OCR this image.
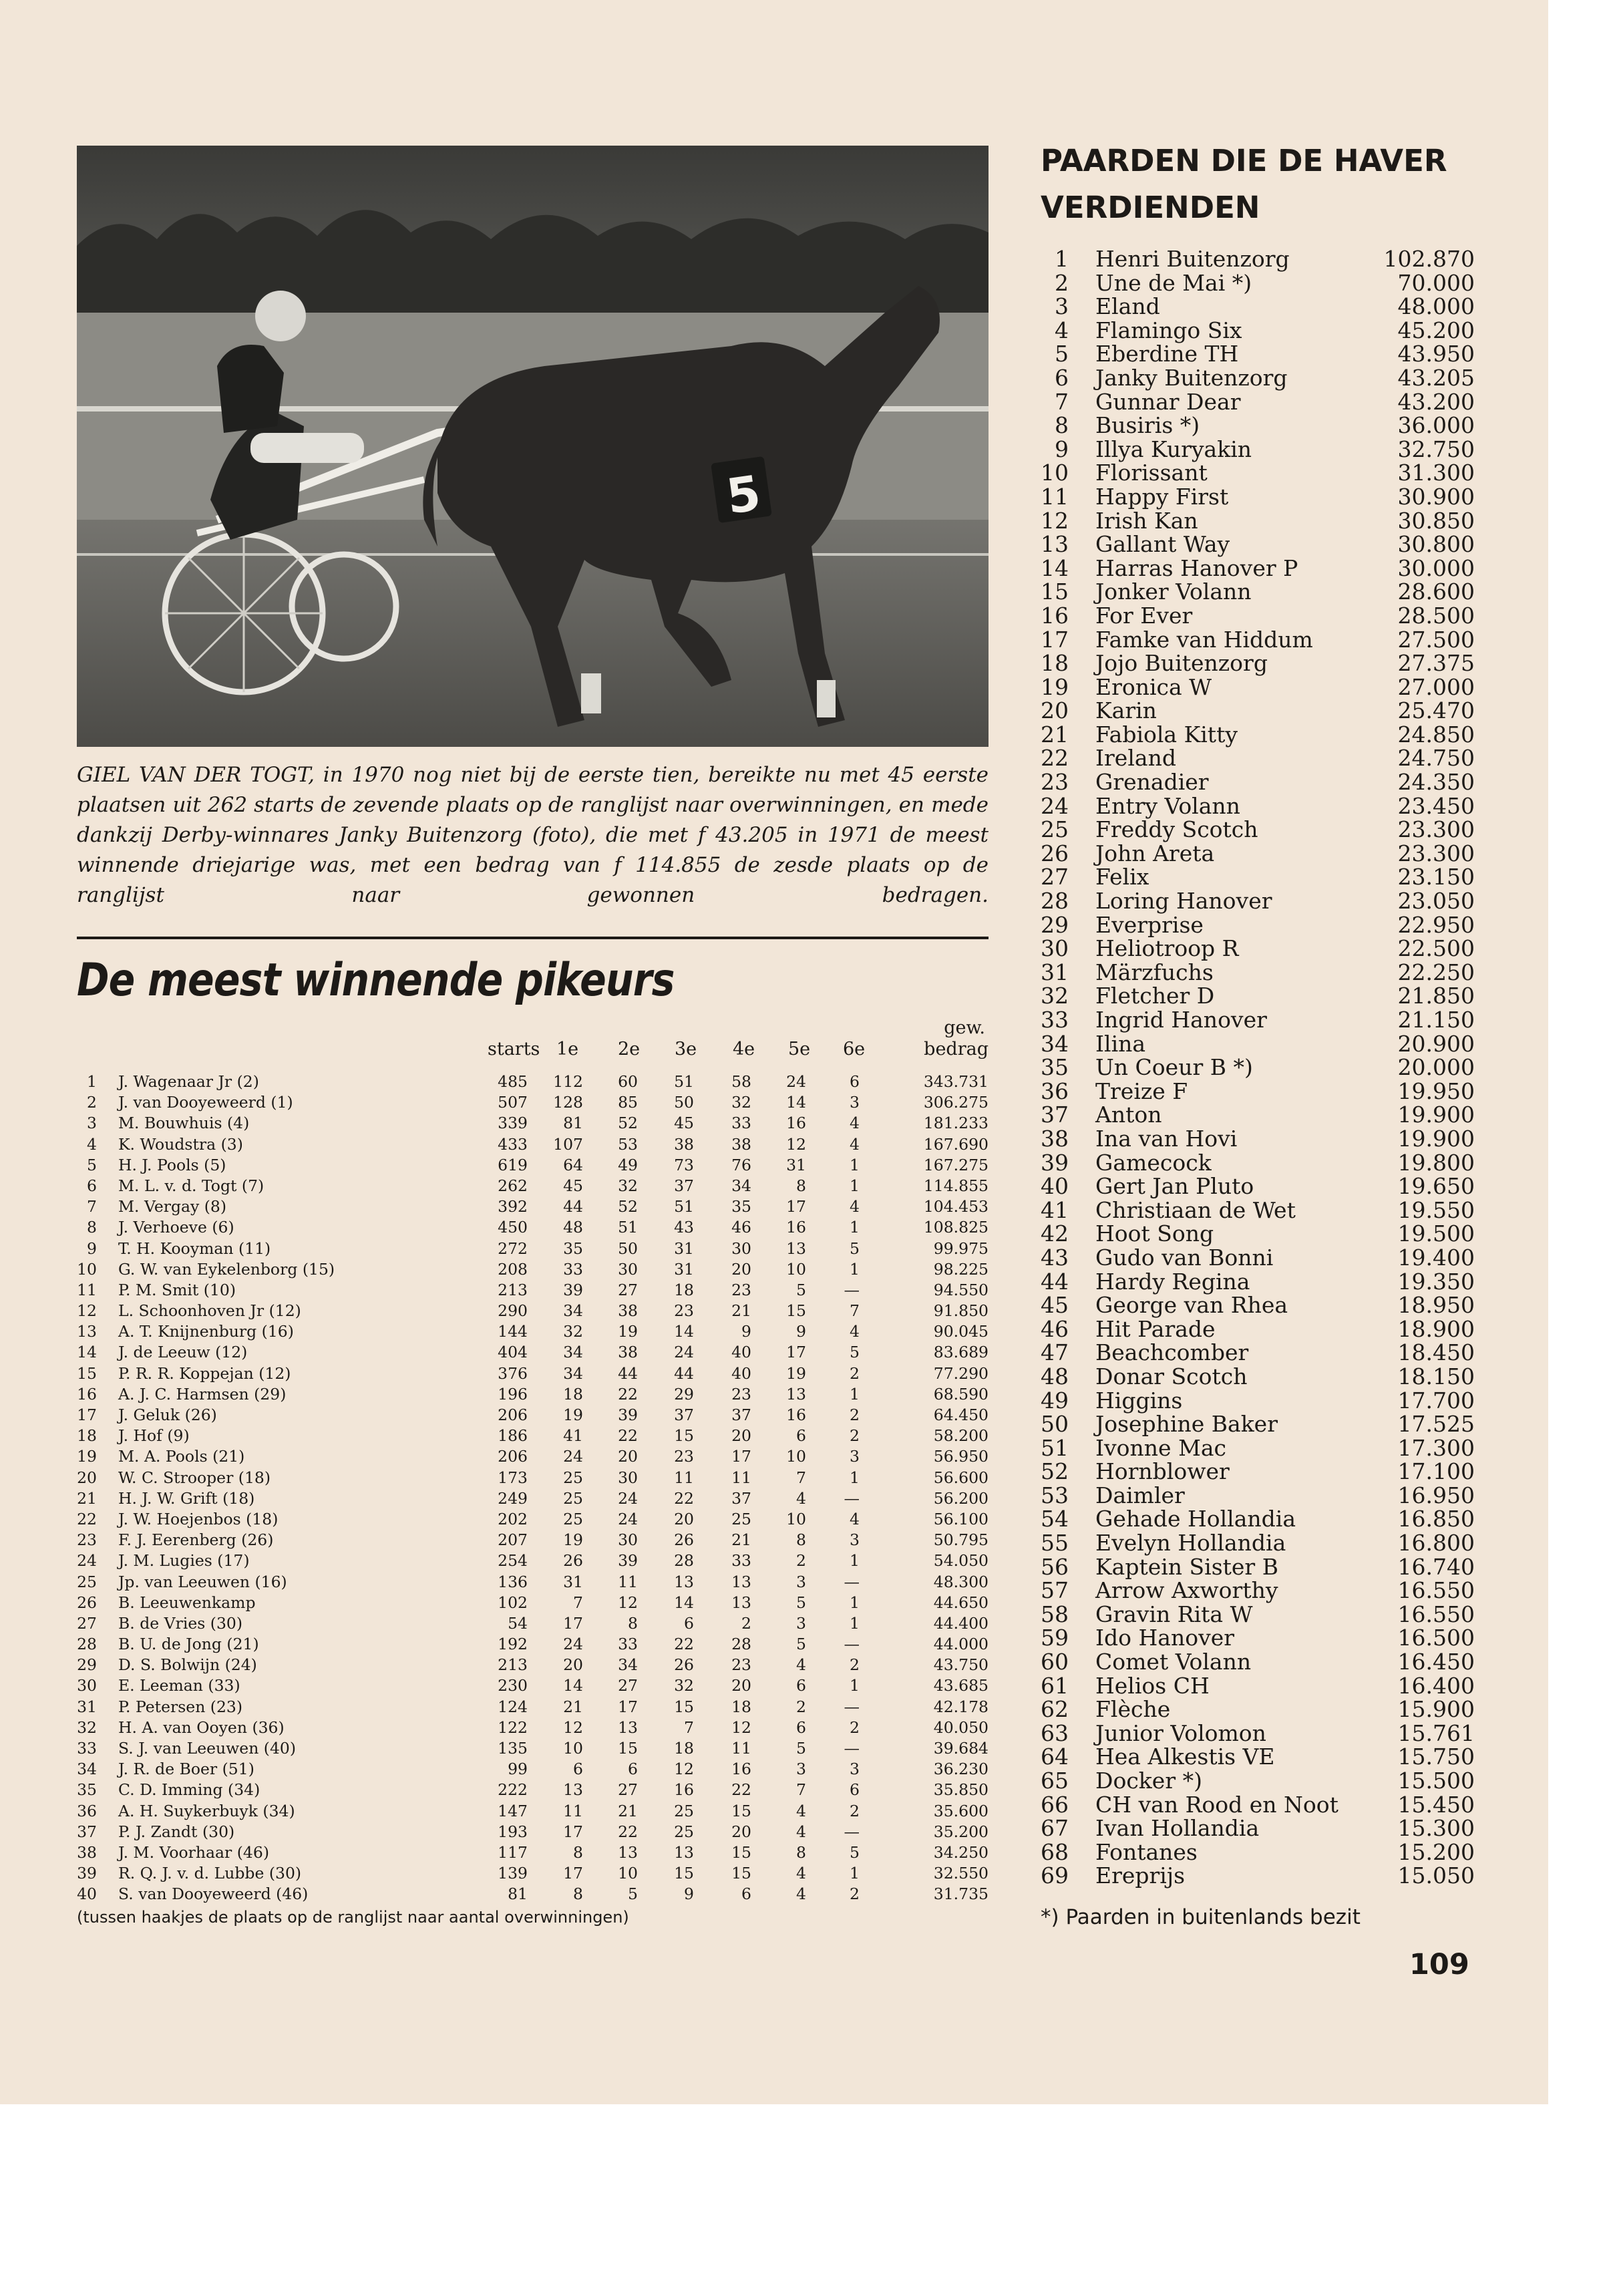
5
GIEL VAN DER TOGT, in 1970 nog niet bij de eerste tien, bereikte nu met 45 eerste plaatsen uit 262 starts de zevende plaats op de ranglijst naar overwinningen, en mede dankzij Derby-winnares Janky Buitenzorg (foto), die met f 43.205 in 1971 de meest winnende driejarige was, met een bedrag van f 114.855 de zesde plaats op de ranglijst naar gewonnen bedragen.
De meest winnende pikeurs
starts 1e 2e 3e 4e 5e 6e
gew.
bedrag
1 J. Wagenaar Jr (2)	485	112	60	51	58	24	6	343.731
2 J. van Dooyeweerd (1)	507	128	85	50	32	14	3	306.275
3 M. Bouwhuis (4)	339	81	52	45	33	16	4	181.233
4 K. Woudstra (3)	433	107	53	38	38	12	4	167.690
5 H. J. Pools (5)	619	64	49	73	76	31	1	167.275
6 M. L. v. d. Togt (7)	262	45	32	37	34	8	1	114.855
7 M. Vergay (8)	392	44	52	51	35	17	4	104.453
8 J. Verhoeve (6)	450	48	51	43	46	16	1	108.825
9 T. H. Kooyman (11)	272	35	50	31	30	13	5	99.975
10 G. W. van Eykelenborg (15)	208	33	30	31	20	10	1	98.225
11 P. M. Smit (10)	213	39	27	18	23	5	—	94.550
12 L. Schoonhoven Jr (12)	290	34	38	23	21	15	7	91.850
13 A. T. Knijnenburg (16)	144	32	19	14	9	9	4	90.045
14 J. de Leeuw (12)	404	34	38	24	40	17	5	83.689
15 P. R. R. Koppejan (12)	376	34	44	44	40	19	2	77.290
16 A. J. C. Harmsen (29)	196	18	22	29	23	13	1	68.590
17 J. Geluk (26)	206	19	39	37	37	16	2	64.450
18 J. Hof (9)	186	41	22	15	20	6	2	58.200
19 M. A. Pools (21)	206	24	20	23	17	10	3	56.950
20 W. C. Strooper (18)	173	25	30	11	11	7	1	56.600
21 H. J. W. Grift (18)	249	25	24	22	37	4	—	56.200
22 J. W. Hoejenbos (18)	202	25	24	20	25	10	4	56.100
23 F. J. Eerenberg (26)	207	19	30	26	21	8	3	50.795
24 J. M. Lugies (17)	254	26	39	28	33	2	1	54.050
25 Jp. van Leeuwen (16)	136	31	11	13	13	3	—	48.300
26 B. Leeuwenkamp	102	7	12	14	13	5	1	44.650
27 B. de Vries (30)	54	17	8	6	2	3	1	44.400
28 B. U. de Jong (21)	192	24	33	22	28	5	—	44.000
29 D. S. Bolwijn (24)	213	20	34	26	23	4	2	43.750
30 E. Leeman (33)	230	14	27	32	20	6	1	43.685
31 P. Petersen (23)	124	21	17	15	18	2	—	42.178
32 H. A. van Ooyen (36)	122	12	13	7	12	6	2	40.050
33 S. J. van Leeuwen (40)	135	10	15	18	11	5	—	39.684
34 J. R. de Boer (51)	99	6	6	12	16	3	3	36.230
35 C. D. Imming (34)	222	13	27	16	22	7	6	35.850
36 A. H. Suykerbuyk (34)	147	11	21	25	15	4	2	35.600
37 P. J. Zandt (30)	193	17	22	25	20	4	—	35.200
38 J. M. Voorhaar (46)	117	8	13	13	15	8	5	34.250
39 R. Q. J. v. d. Lubbe (30)	139	17	10	15	15	4	1	32.550
40 S. van Dooyeweerd (46)	81	8	5	9	6	4	2	31.735
(tussen haakjes de plaats op de ranglijst naar aantal overwinningen)
PAARDEN DIE DE HAVER VERDIENDEN
1 Henri Buitenzorg	102.870
2 Une de Mai *)	70.000
3 Eland	48.000
4 Flamingo Six	45.200
5 Eberdine TH	43.950
6 Janky Buitenzorg	43.205
7 Gunnar Dear	43.200
8 Busiris *)	36.000
9 Illya Kuryakin	32.750
10 Florissant	31.300
11 Happy First	30.900
12 Irish Kan	30.850
13 Gallant Way	30.800
14 Harras Hanover P	30.000
15 Jonker Volann	28.600
16 For Ever	28.500
17 Famke van Hiddum	27.500
18 Jojo Buitenzorg	27.375
19 Eronica W	27.000
20 Karin	25.470
21 Fabiola Kitty	24.850
22 Ireland	24.750
23 Grenadier	24.350
24 Entry Volann	23.450
25 Freddy Scotch	23.300
26 John Areta	23.300
27 Felix	23.150
28 Loring Hanover	23.050
29 Everprise	22.950
30 Heliotroop R	22.500
31 Märzfuchs	22.250
32 Fletcher D	21.850
33 Ingrid Hanover	21.150
34 Ilina	20.900
35 Un Coeur B *)	20.000
36 Treize F	19.950
37 Anton	19.900
38 Ina van Hovi	19.900
39 Gamecock	19.800
40 Gert Jan Pluto	19.650
41 Christiaan de Wet	19.550
42 Hoot Song	19.500
43 Gudo van Bonni	19.400
44 Hardy Regina	19.350
45 George van Rhea	18.950
46 Hit Parade	18.900
47 Beachcomber	18.450
48 Donar Scotch	18.150
49 Higgins	17.700
50 Josephine Baker	17.525
51 Ivonne Mac	17.300
52 Hornblower	17.100
53 Daimler	16.950
54 Gehade Hollandia	16.850
55 Evelyn Hollandia	16.800
56 Kaptein Sister B	16.740
57 Arrow Axworthy	16.550
58 Gravin Rita W	16.550
59 Ido Hanover	16.500
60 Comet Volann	16.450
61 Helios CH	16.400
62 Flèche	15.900
63 Junior Volomon	15.761
64 Hea Alkestis VE	15.750
65 Docker *)	15.500
66 CH van Rood en Noot	15.450
67 Ivan Hollandia	15.300
68 Fontanes	15.200
69 Ereprijs	15.050
*) Paarden in buitenlands bezit
109
